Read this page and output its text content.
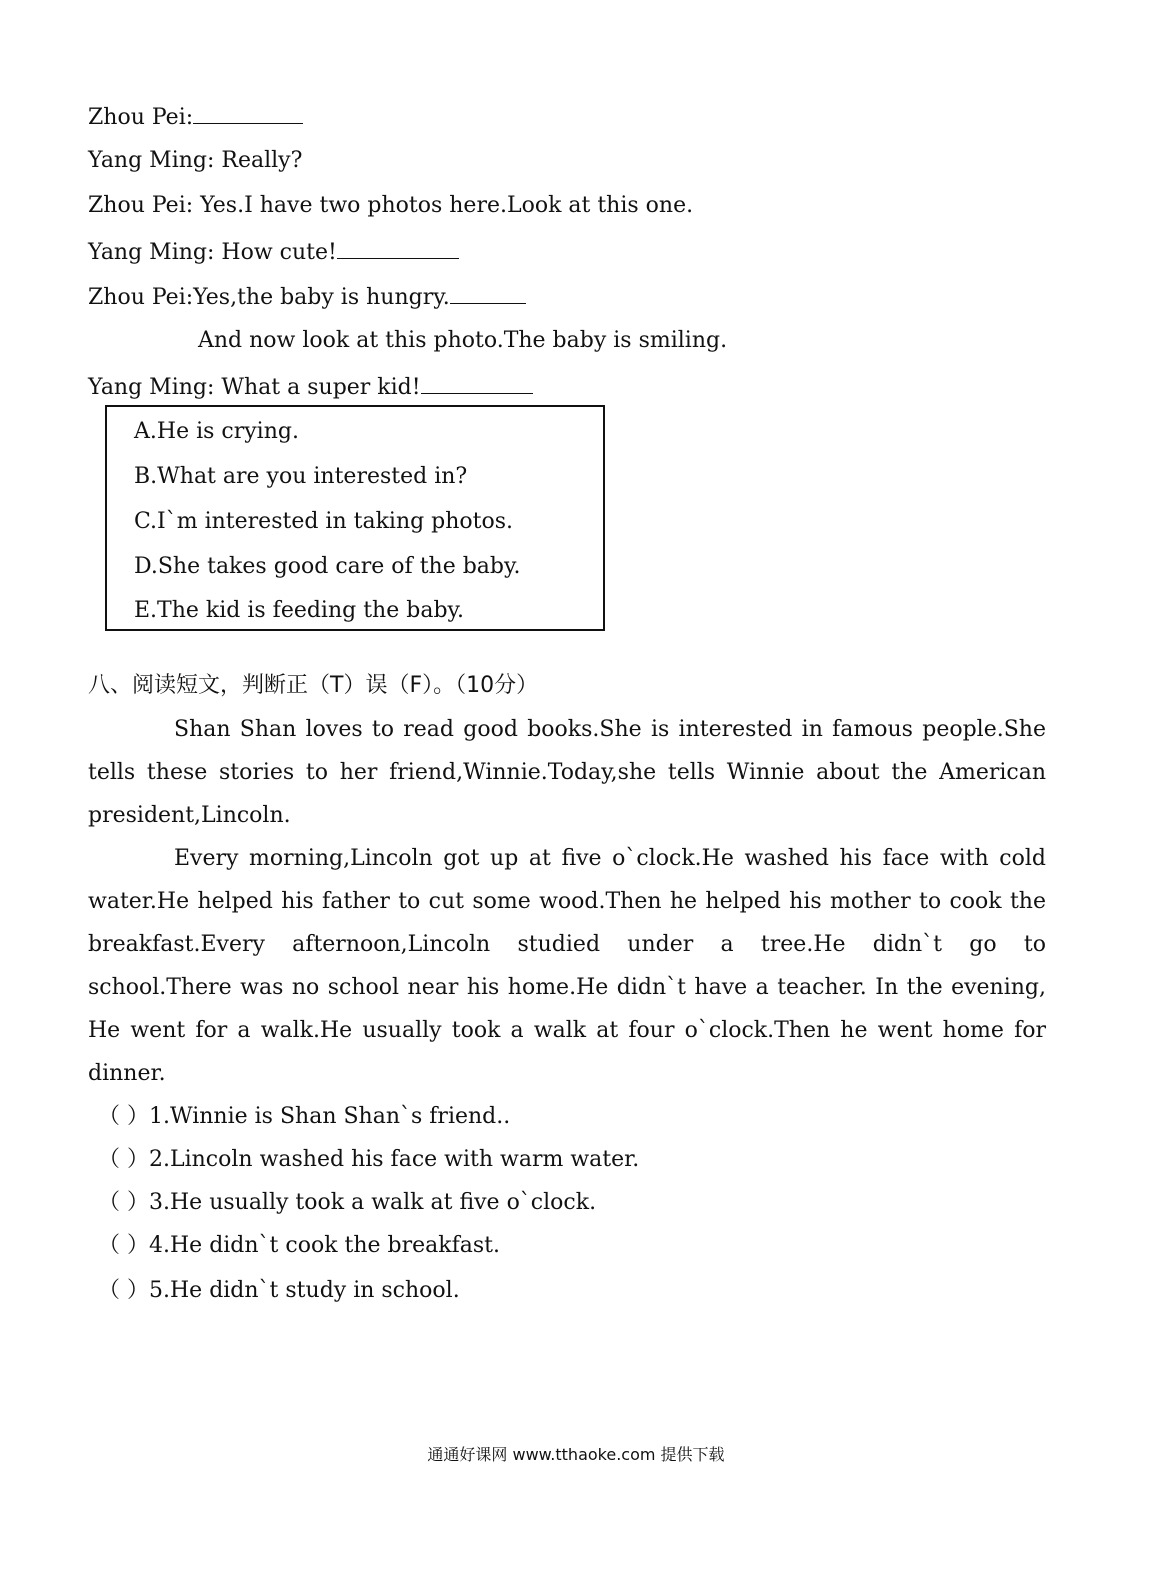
Zhou Pei:
Yang Ming: Really?
Zhou Pei: Yes.I have two photos here.Look at this one.
Yang Ming: How cute!
Zhou Pei:Yes,the baby is hungry.
And now look at this photo.The baby is smiling.
Yang Ming: What a super kid!
A.He is crying.
B.What are you interested in?
C.I`m interested in taking photos.
D.She takes good care of the baby.
E.The kid is feeding the baby.
八、阅读短文，判断正（T）误（F）。（10分）
Shan Shan loves to read good books.She is interested in famous people.She
tells these stories to her friend,Winnie.Today,she tells Winnie about the American
president,Lincoln.
Every morning,Lincoln got up at five o`clock.He washed his face with cold
water.He helped his father to cut some wood.Then he helped his mother to cook the
breakfast.Every afternoon,Lincoln studied under a tree.He didn`t go to
school.There was no school near his home.He didn`t have a teacher. In the evening,
He went for a walk.He usually took a walk at four o`clock.Then he went home for
dinner.
（ ）1.Winnie is Shan Shan`s friend..
（ ）2.Lincoln washed his face with warm water.
（ ）3.He usually took a walk at five o`clock.
（ ）4.He didn`t cook the breakfast.
（ ）5.He didn`t study in school.
通通好课网 www.tthaoke.com 提供下载
